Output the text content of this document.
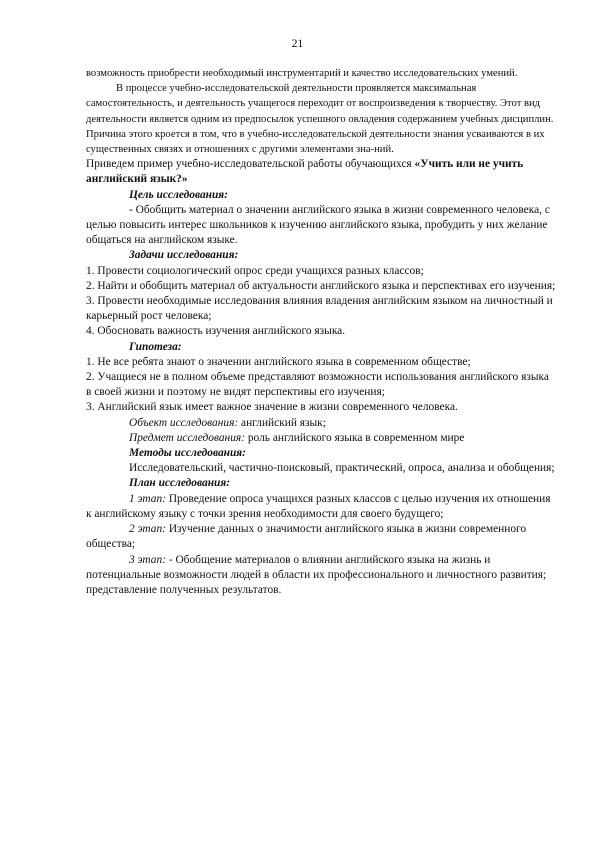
21

возможность приобрести необходимый инструментарий и качество исследовательских умений.

В процессе учебно-исследовательской деятельности проявляется максимальная самостоятельность, и деятельность учащегося переходит от воспроизведения к творчеству. Этот вид деятельности является одним из предпосылок успешного овладения содержанием учебных дисциплин. Причина этого кроется в том, что в учебно-исследовательской деятельности знания усваиваются в их существенных связях и отношениях с другими элементами зна-ний.

Приведем пример учебно-исследовательской работы обучающихся «Учить или не учить английский язык?»

Цель исследования:

- Обобщить материал о значении английского языка в жизни современного человека, с целью повысить интерес школьников к изучению английского языка, пробудить у них желание общаться на английском языке.

Задачи исследования:

1. Провести социологический опрос среди учащихся разных классов;

2. Найти и обобщить материал об актуальности английского языка и перспективах его изучения;

3. Провести необходимые исследования влияния владения английским языком на личностный и карьерный рост человека;

4. Обосновать важность изучения английского языка.

Гипотеза:

1. Не все ребята знают о значении английского языка в современном обществе;

2. Учащиеся не в полном объеме представляют возможности использования английского языка в своей жизни и поэтому не видят перспективы его изучения;

3. Английский язык имеет важное значение в жизни современного человека.

Объект исследования: английский язык;

Предмет исследования: роль английского языка в современном мире

Методы исследования:

Исследовательский, частично-поисковый, практический, опроса, анализа и обобщения;

План исследования:

1 этап: Проведение опроса учащихся разных классов с целью изучения их отношения к английскому языку с точки зрения необходимости для своего будущего;

2 этап: Изучение данных о значимости английского языка в жизни современного общества;

3 этап: - Обобщение материалов о влиянии английского языка на жизнь и потенциальные возможности людей в области их профессионального и личностного развития; представление полученных результатов.
